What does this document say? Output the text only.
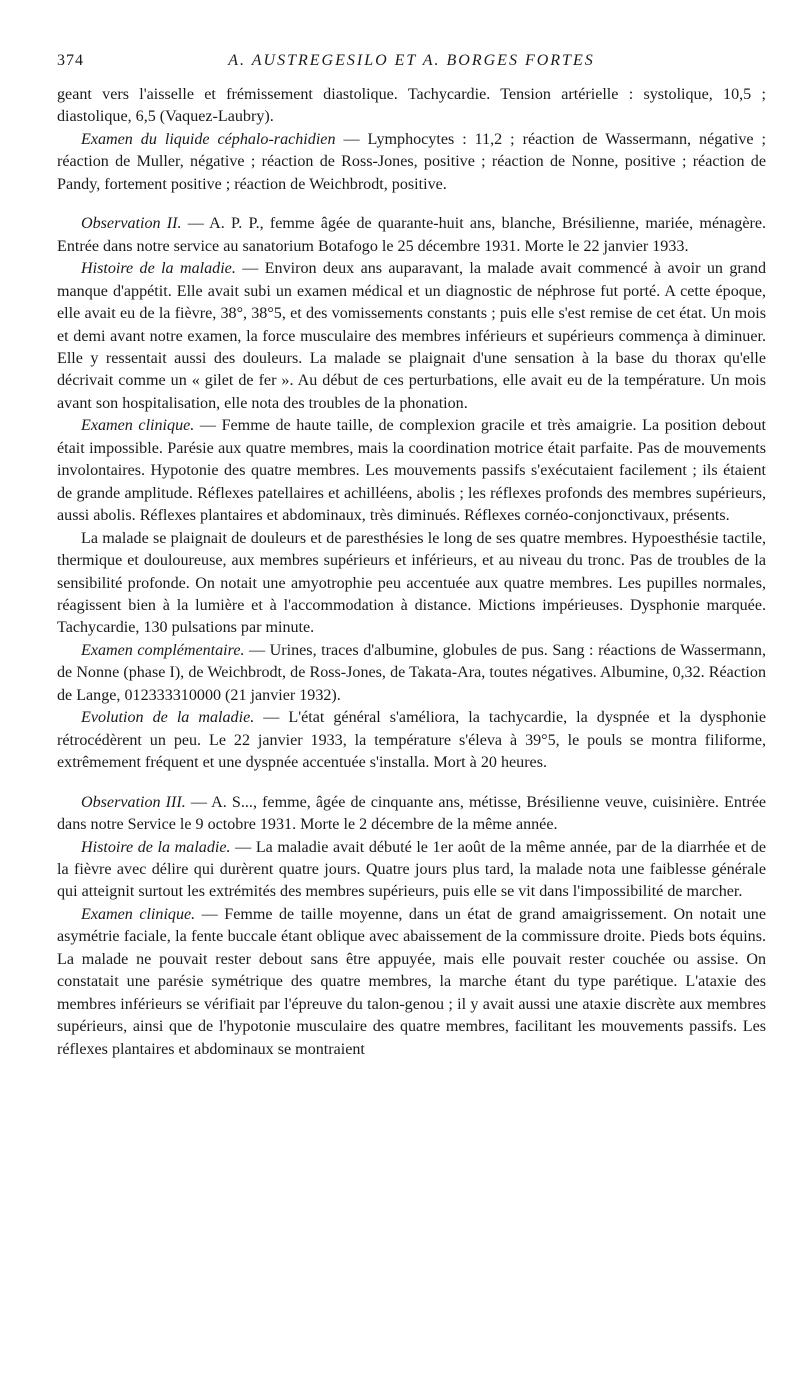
374	A. AUSTREGESILO ET A. BORGES FORTES

geant vers l'aisselle et frémissement diastolique. Tachycardie. Tension artérielle : systolique, 10,5 ; diastolique, 6,5 (Vaquez-Laubry).

Examen du liquide céphalo-rachidien — Lymphocytes : 11,2 ; réaction de Wassermann, négative ; réaction de Muller, négative ; réaction de Ross-Jones, positive ; réaction de Nonne, positive ; réaction de Pandy, fortement positive ; réaction de Weichbrodt, positive.

Observation II. — A. P. P., femme âgée de quarante-huit ans, blanche, Brésilienne, mariée, ménagère. Entrée dans notre service au sanatorium Botafogo le 25 décembre 1931. Morte le 22 janvier 1933.

Histoire de la maladie. — Environ deux ans auparavant, la malade avait commencé à avoir un grand manque d'appétit. Elle avait subi un examen médical et un diagnostic de néphrose fut porté. A cette époque, elle avait eu de la fièvre, 38°, 38°5, et des vomissements constants ; puis elle s'est remise de cet état. Un mois et demi avant notre examen, la force musculaire des membres inférieurs et supérieurs commença à diminuer. Elle y ressentait aussi des douleurs. La malade se plaignait d'une sensation à la base du thorax qu'elle décrivait comme un « gilet de fer ». Au début de ces perturbations, elle avait eu de la température. Un mois avant son hospitalisation, elle nota des troubles de la phonation.

Examen clinique. — Femme de haute taille, de complexion gracile et très amaigrie. La position debout était impossible. Parésie aux quatre membres, mais la coordination motrice était parfaite. Pas de mouvements involontaires. Hypotonie des quatre membres. Les mouvements passifs s'exécutaient facilement ; ils étaient de grande amplitude. Réflexes patellaires et achilléens, abolis ; les réflexes profonds des membres supérieurs, aussi abolis. Réflexes plantaires et abdominaux, très diminués. Réflexes cornéo-conjonctivaux, présents.

La malade se plaignait de douleurs et de paresthésies le long de ses quatre membres. Hypoesthésie tactile, thermique et douloureuse, aux membres supérieurs et inférieurs, et au niveau du tronc. Pas de troubles de la sensibilité profonde. On notait une amyotrophie peu accentuée aux quatre membres. Les pupilles normales, réagissent bien à la lumière et à l'accommodation à distance. Mictions impérieuses. Dysphonie marquée. Tachycardie, 130 pulsations par minute.

Examen complémentaire. — Urines, traces d'albumine, globules de pus. Sang : réactions de Wassermann, de Nonne (phase I), de Weichbrodt, de Ross-Jones, de Takata-Ara, toutes négatives. Albumine, 0,32. Réaction de Lange, 012333310000 (21 janvier 1932).

Evolution de la maladie. — L'état général s'améliora, la tachycardie, la dyspnée et la dysphonie rétrocédèrent un peu. Le 22 janvier 1933, la température s'éleva à 39°5, le pouls se montra filiforme, extrêmement fréquent et une dyspnée accentuée s'installa. Mort à 20 heures.

Observation III. — A. S..., femme, âgée de cinquante ans, métisse, Brésilienne veuve, cuisinière. Entrée dans notre Service le 9 octobre 1931. Morte le 2 décembre de la même année.

Histoire de la maladie. — La maladie avait débuté le 1er août de la même année, par de la diarrhée et de la fièvre avec délire qui durèrent quatre jours. Quatre jours plus tard, la malade nota une faiblesse générale qui atteignit surtout les extrémités des membres supérieurs, puis elle se vit dans l'impossibilité de marcher.

Examen clinique. — Femme de taille moyenne, dans un état de grand amaigrissement. On notait une asymétrie faciale, la fente buccale étant oblique avec abaissement de la commissure droite. Pieds bots équins. La malade ne pouvait rester debout sans être appuyée, mais elle pouvait rester couchée ou assise. On constatait une parésie symétrique des quatre membres, la marche étant du type parétique. L'ataxie des membres inférieurs se vérifiait par l'épreuve du talon-genou ; il y avait aussi une ataxie discrète aux membres supérieurs, ainsi que de l'hypotonie musculaire des quatre membres, facilitant les mouvements passifs. Les réflexes plantaires et abdominaux se montraient
